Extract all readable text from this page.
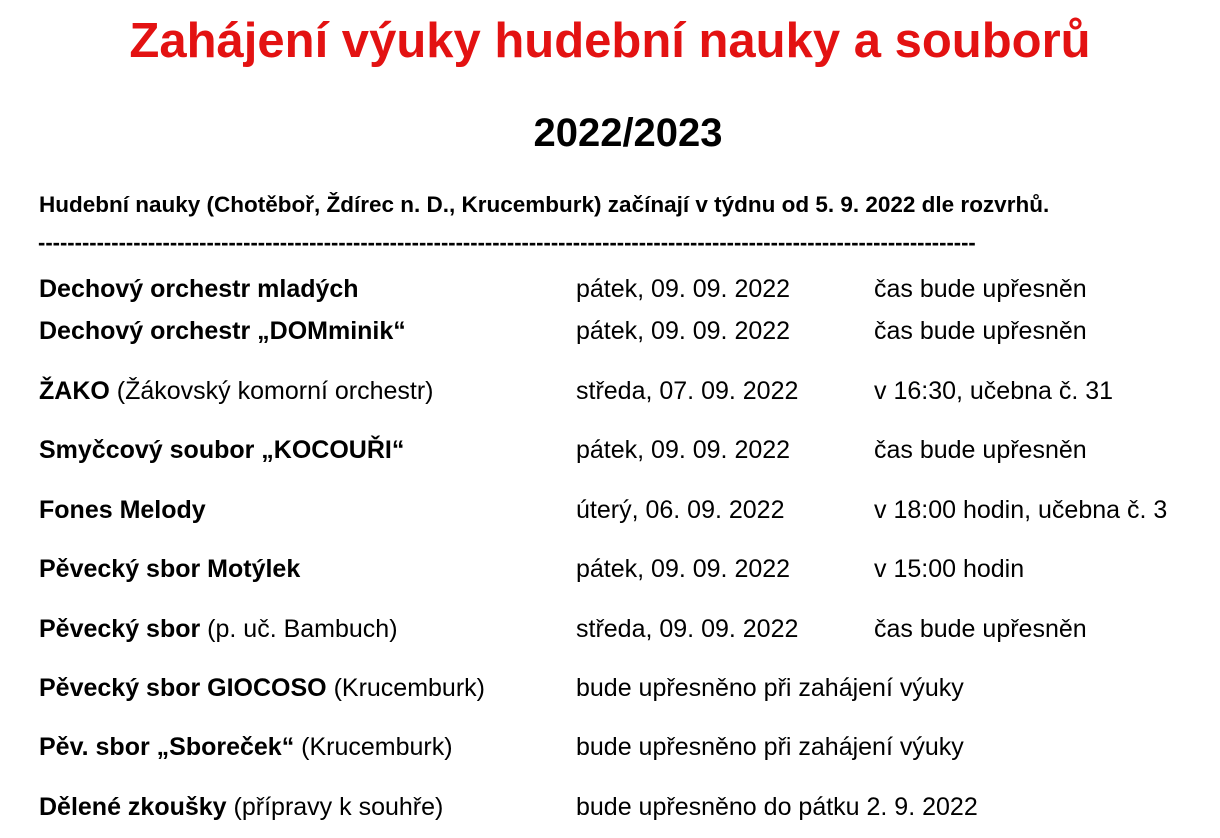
Zahájení výuky hudební nauky a souborů
2022/2023
Hudební nauky (Chotěboř, Ždírec n. D., Krucemburk) začínají v týdnu od 5. 9. 2022 dle rozvrhů.
--------------------------------------------------------------------------------------------------------------------------------
Dechový orchestr mladých	pátek, 09. 09. 2022	čas bude upřesněn
Dechový orchestr „DOMminik“	pátek, 09. 09. 2022	čas bude upřesněn
ŽAKO (Žákovský komorní orchestr)	středa, 07. 09. 2022	v 16:30, učebna č. 31
Smyčcový soubor „KOCOUŘI“	pátek, 09. 09. 2022	čas bude upřesněn
Fones Melody	úterý, 06. 09. 2022	v 18:00 hodin, učebna č. 3
Pěvecký sbor Motýlek	pátek, 09. 09. 2022	v 15:00 hodin
Pěvecký sbor (p. uč. Bambuch)	středa, 09. 09. 2022	čas bude upřesněn
Pěvecký sbor GIOCOSO (Krucemburk)	bude upřesněno při zahájení výuky
Pěv. sbor „Sboreček“ (Krucemburk)	bude upřesněno při zahájení výuky
Dělené zkoušky (přípravy k souhře)	bude upřesněno do pátku 2. 9. 2022
